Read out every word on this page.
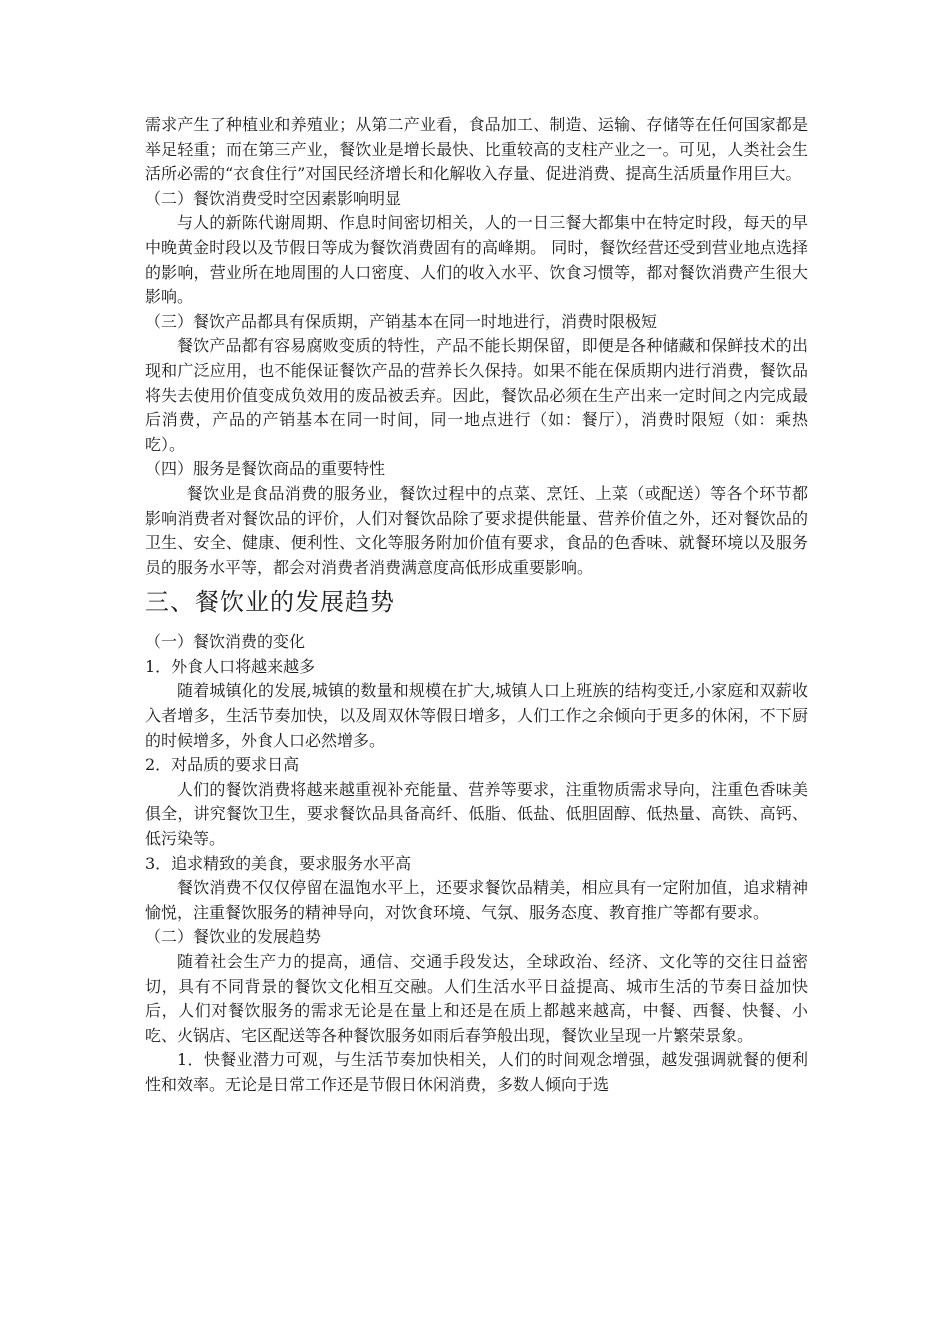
需求产生了种植业和养殖业；从第二产业看，食品加工、制造、运输、存储等在任何国家都是举足轻重；而在第三产业，餐饮业是增长最快、比重较高的支柱产业之一。可见，人类社会生活所必需的“衣食住行”对国民经济增长和化解收入存量、促进消费、提高生活质量作用巨大。

（二）餐饮消费受时空因素影响明显

与人的新陈代谢周期、作息时间密切相关，人的一日三餐大都集中在特定时段，每天的早中晚黄金时段以及节假日等成为餐饮消费固有的高峰期。 同时，餐饮经营还受到营业地点选择的影响，营业所在地周围的人口密度、人们的收入水平、饮食习惯等，都对餐饮消费产生很大影响。

（三）餐饮产品都具有保质期，产销基本在同一时地进行，消费时限极短

餐饮产品都有容易腐败变质的特性，产品不能长期保留，即便是各种储藏和保鲜技术的出现和广泛应用，也不能保证餐饮产品的营养长久保持。如果不能在保质期内进行消费，餐饮品将失去使用价值变成负效用的废品被丢弃。因此，餐饮品必须在生产出来一定时间之内完成最后消费，产品的产销基本在同一时间，同一地点进行（如：餐厅），消费时限短（如：乘热吃）。

（四）服务是餐饮商品的重要特性

餐饮业是食品消费的服务业，餐饮过程中的点菜、烹饪、上菜（或配送）等各个环节都影响消费者对餐饮品的评价，人们对餐饮品除了要求提供能量、营养价值之外，还对餐饮品的卫生、安全、健康、便利性、文化等服务附加价值有要求，食品的色香味、就餐环境以及服务员的服务水平等，都会对消费者消费满意度高低形成重要影响。

三、餐饮业的发展趋势

（一）餐饮消费的变化

1．外食人口将越来越多

随着城镇化的发展,城镇的数量和规模在扩大,城镇人口上班族的结构变迁,小家庭和双薪收入者增多，生活节奏加快，以及周双休等假日增多，人们工作之余倾向于更多的休闲，不下厨的时候增多，外食人口必然增多。

2．对品质的要求日高

人们的餐饮消费将越来越重视补充能量、营养等要求，注重物质需求导向，注重色香味美俱全，讲究餐饮卫生，要求餐饮品具备高纤、低脂、低盐、低胆固醇、低热量、高铁、高钙、低污染等。

3．追求精致的美食，要求服务水平高

餐饮消费不仅仅停留在温饱水平上，还要求餐饮品精美，相应具有一定附加值，追求精神愉悦，注重餐饮服务的精神导向，对饮食环境、气氛、服务态度、教育推广等都有要求。

（二）餐饮业的发展趋势

随着社会生产力的提高，通信、交通手段发达，全球政治、经济、文化等的交往日益密切，具有不同背景的餐饮文化相互交融。人们生活水平日益提高、城市生活的节奏日益加快后，人们对餐饮服务的需求无论是在量上和还是在质上都越来越高，中餐、西餐、快餐、小吃、火锅店、宅区配送等各种餐饮服务如雨后春笋般出现，餐饮业呈现一片繁荣景象。

1．快餐业潜力可观，与生活节奏加快相关，人们的时间观念增强，越发强调就餐的便利性和效率。无论是日常工作还是节假日休闲消费，多数人倾向于选
